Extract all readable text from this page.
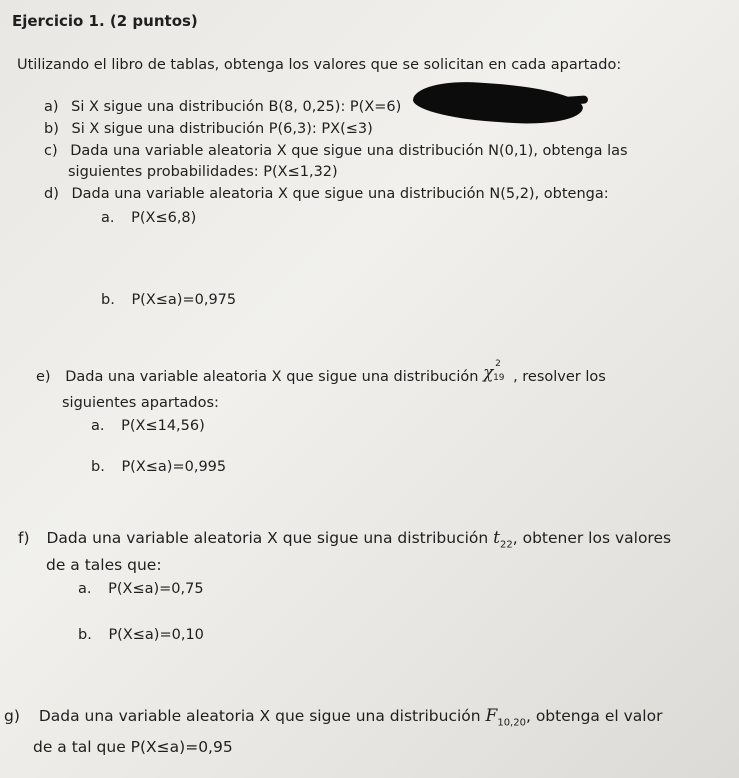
Ejercicio 1. (2 puntos)
Utilizando el libro de tablas, obtenga los valores que se solicitan en cada apartado:
a) Si X sigue una distribución B(8, 0,25): P(X=6)
b) Si X sigue una distribución P(6,3): PX(≤3)
c) Dada una variable aleatoria X que sigue una distribución N(0,1), obtenga las
siguientes probabilidades: P(X≤1,32)
d) Dada una variable aleatoria X que sigue una distribución N(5,2), obtenga:
a. P(X≤6,8)
b. P(X≤a)=0,975
e) Dada una variable aleatoria X que sigue una distribución χ 2
19 , resolver los
siguientes apartados:
a. P(X≤14,56)
b. P(X≤a)=0,995
f) Dada una variable aleatoria X que sigue una distribución $t_{22}$, obtener los valores
de a tales que:
a. P(X≤a)=0,75
b. P(X≤a)=0,10
g) Dada una variable aleatoria X que sigue una distribución $F_{10,20}$, obtenga el valor
de a tal que P(X≤a)=0,95
